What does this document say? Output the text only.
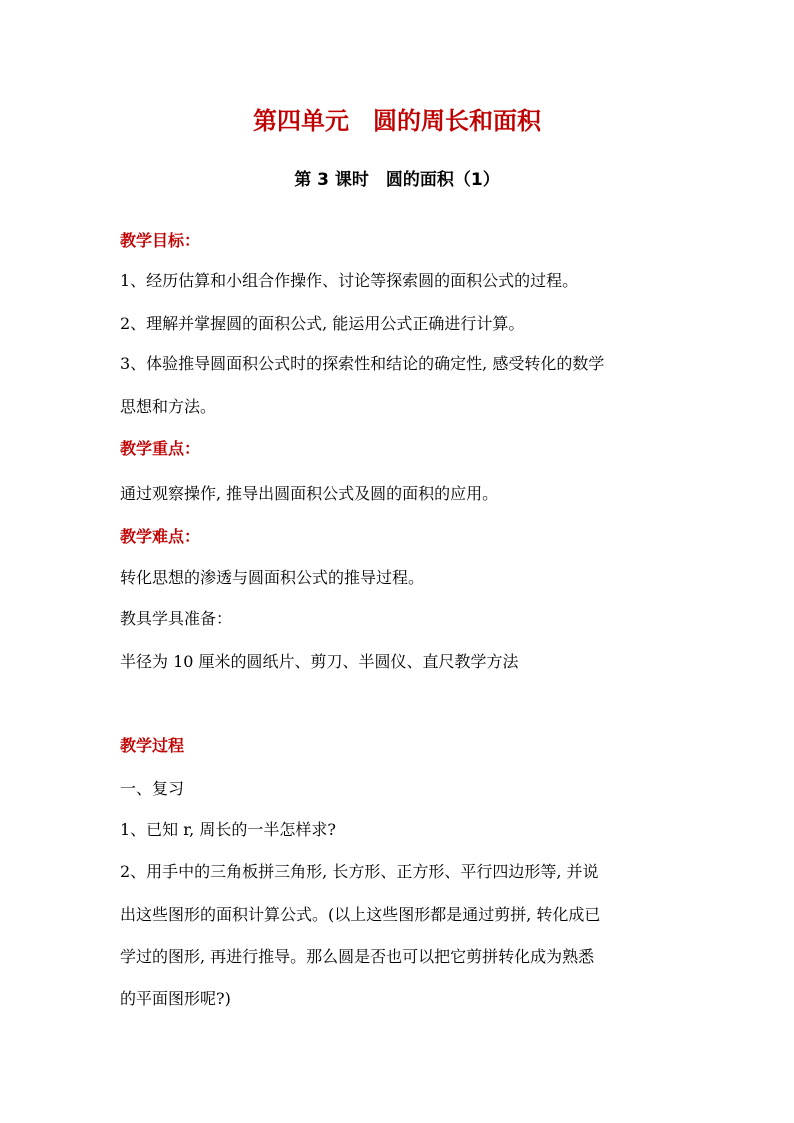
第四单元　圆的周长和面积
第 3 课时　圆的面积（1）
教学目标：
1、经历估算和小组合作操作、讨论等探索圆的面积公式的过程。
2、理解并掌握圆的面积公式, 能运用公式正确进行计算。
3、体验推导圆面积公式时的探索性和结论的确定性, 感受转化的数学
思想和方法。
教学重点：
通过观察操作, 推导出圆面积公式及圆的面积的应用。
教学难点：
转化思想的渗透与圆面积公式的推导过程。
教具学具准备：
半径为 10 厘米的圆纸片、剪刀、半圆仪、直尺教学方法
教学过程
一、复习
1、已知 r, 周长的一半怎样求?
2、用手中的三角板拼三角形, 长方形、正方形、平行四边形等, 并说
出这些图形的面积计算公式。(以上这些图形都是通过剪拼, 转化成已
学过的图形, 再进行推导。那么圆是否也可以把它剪拼转化成为熟悉
的平面图形呢?)
